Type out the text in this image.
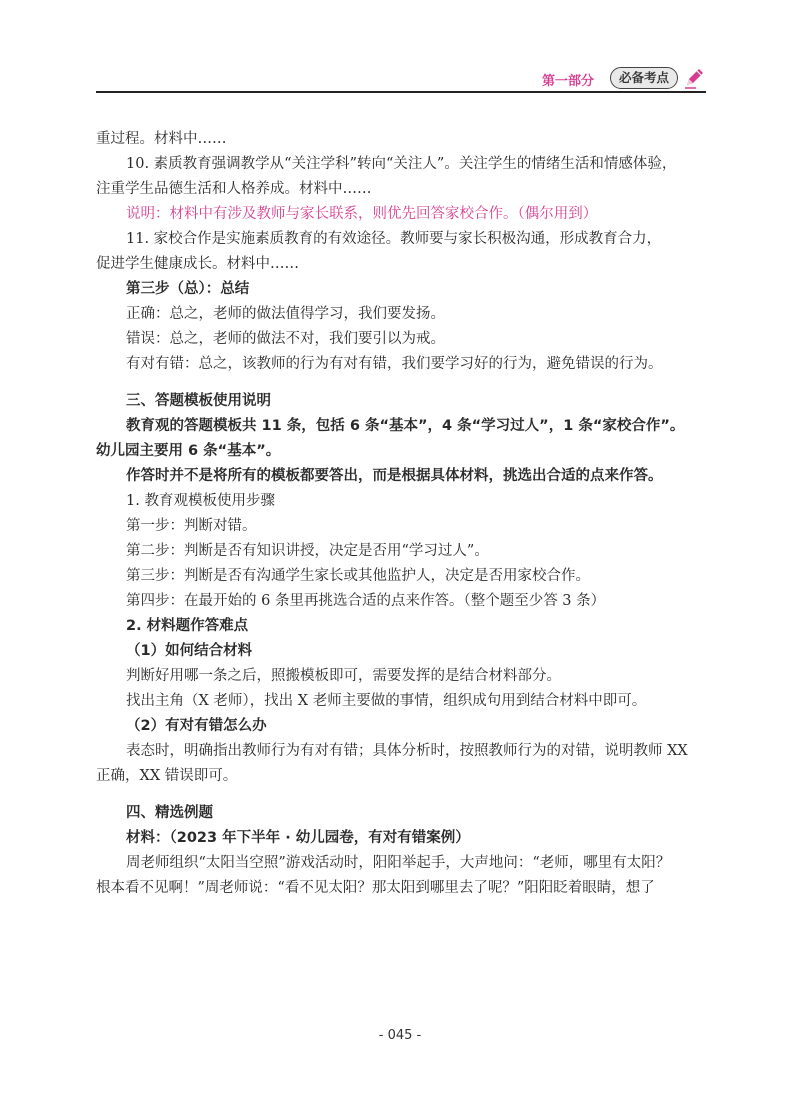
第一部分	必备考点
重过程。材料中……
10. 素质教育强调教学从“关注学科”转向“关注人”。关注学生的情绪生活和情感体验，
注重学生品德生活和人格养成。材料中……
说明：材料中有涉及教师与家长联系，则优先回答家校合作。（偶尔用到）
11. 家校合作是实施素质教育的有效途径。教师要与家长积极沟通，形成教育合力，
促进学生健康成长。材料中……
第三步（总）：总结
正确：总之，老师的做法值得学习，我们要发扬。
错误：总之，老师的做法不对，我们要引以为戒。
有对有错：总之，该教师的行为有对有错，我们要学习好的行为，避免错误的行为。
三、答题模板使用说明
教育观的答题模板共 11 条，包括 6 条“基本”，4 条“学习过人”，1 条“家校合作”。
幼儿园主要用 6 条“基本”。
作答时并不是将所有的模板都要答出，而是根据具体材料，挑选出合适的点来作答。
1. 教育观模板使用步骤
第一步：判断对错。
第二步：判断是否有知识讲授，决定是否用“学习过人”。
第三步：判断是否有沟通学生家长或其他监护人，决定是否用家校合作。
第四步：在最开始的 6 条里再挑选合适的点来作答。（整个题至少答 3 条）
2. 材料题作答难点
（1）如何结合材料
判断好用哪一条之后，照搬模板即可，需要发挥的是结合材料部分。
找出主角（X 老师），找出 X 老师主要做的事情，组织成句用到结合材料中即可。
（2）有对有错怎么办
表态时，明确指出教师行为有对有错；具体分析时，按照教师行为的对错，说明教师 XX
正确，XX 错误即可。
四、精选例题
材料：（2023 年下半年 · 幼儿园卷，有对有错案例）
周老师组织“太阳当空照”游戏活动时，阳阳举起手，大声地问：“老师，哪里有太阳？
根本看不见啊！”周老师说：“看不见太阳？那太阳到哪里去了呢？”阳阳眨着眼睛，想了
- 045 -
